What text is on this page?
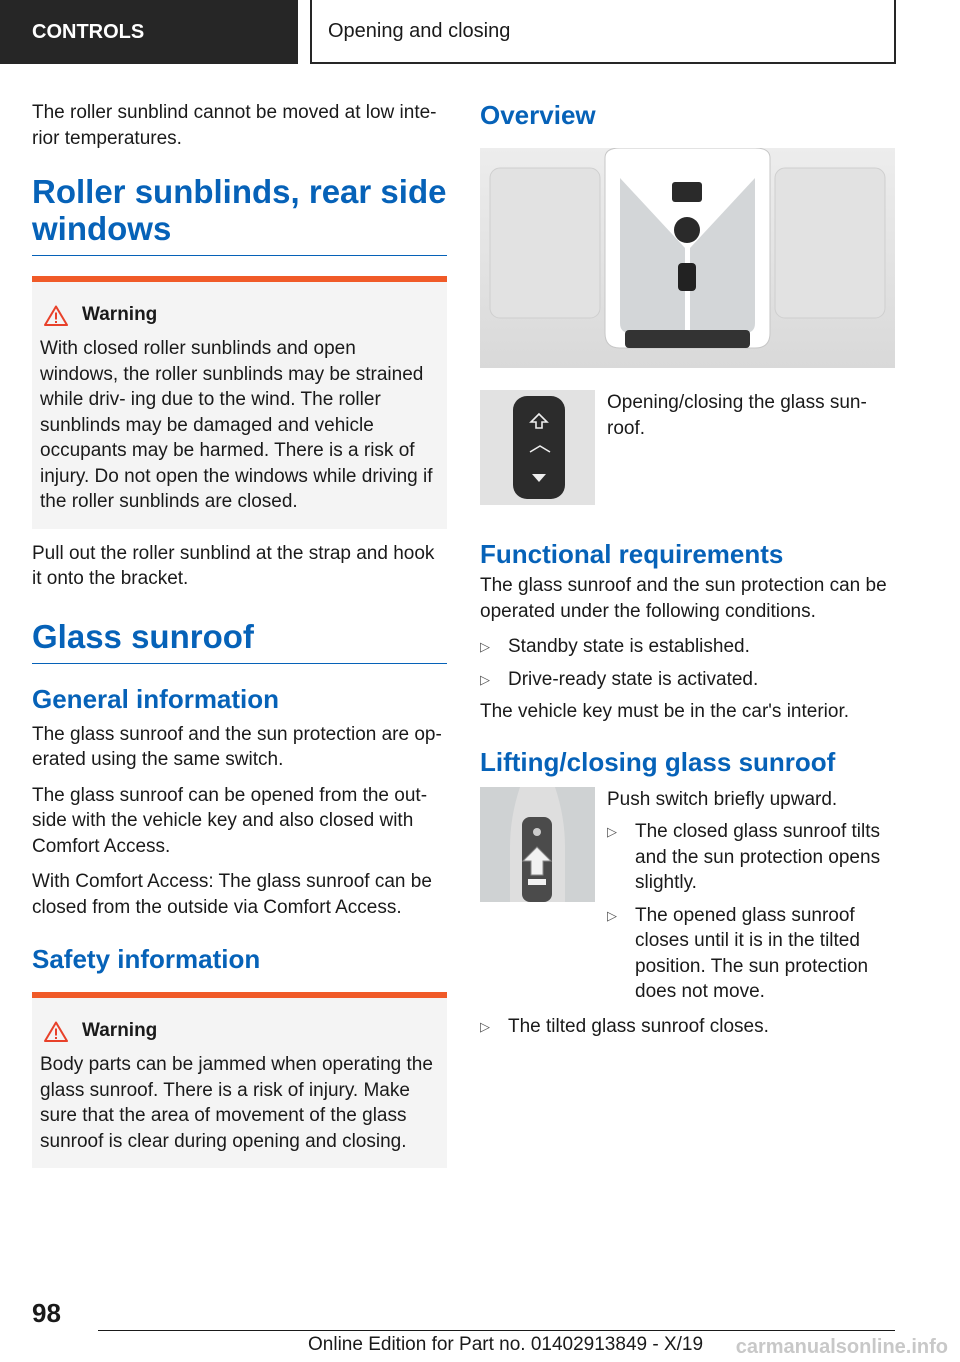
CONTROLS	Opening and closing

The roller sunblind cannot be moved at low inte‐ rior temperatures.

Roller sunblinds, rear side windows
Warning

With closed roller sunblinds and open windows, the roller sunblinds may be strained while driv‐ ing due to the wind. The roller sunblinds may be damaged and vehicle occupants may be harmed. There is a risk of injury. Do not open the windows while driving if the roller sunblinds are closed.

Pull out the roller sunblind at the strap and hook it onto the bracket.

Glass sunroof
General information

The glass sunroof and the sun protection are op‐ erated using the same switch.

The glass sunroof can be opened from the out‐ side with the vehicle key and also closed with Comfort Access.

With Comfort Access: The glass sunroof can be closed from the outside via Comfort Access.

Safety information
Warning

Body parts can be jammed when operating the glass sunroof. There is a risk of injury. Make sure that the area of movement of the glass sunroof is clear during opening and closing.

Overview

Opening/closing the glass sun‐ roof.

Functional requirements

The glass sunroof and the sun protection can be operated under the following conditions.

▷ Standby state is established.
▷ Drive-ready state is activated.

The vehicle key must be in the car's interior.

Lifting/closing glass sunroof

Push switch briefly upward.

▷ The closed glass sunroof tilts and the sun protection opens slightly.
▷ The opened glass sunroof closes until it is in the tilted position. The sun protection does not move.
▷ The tilted glass sunroof closes.
98
Online Edition for Part no. 01402913849 - X/19 carmanualsonline.info
